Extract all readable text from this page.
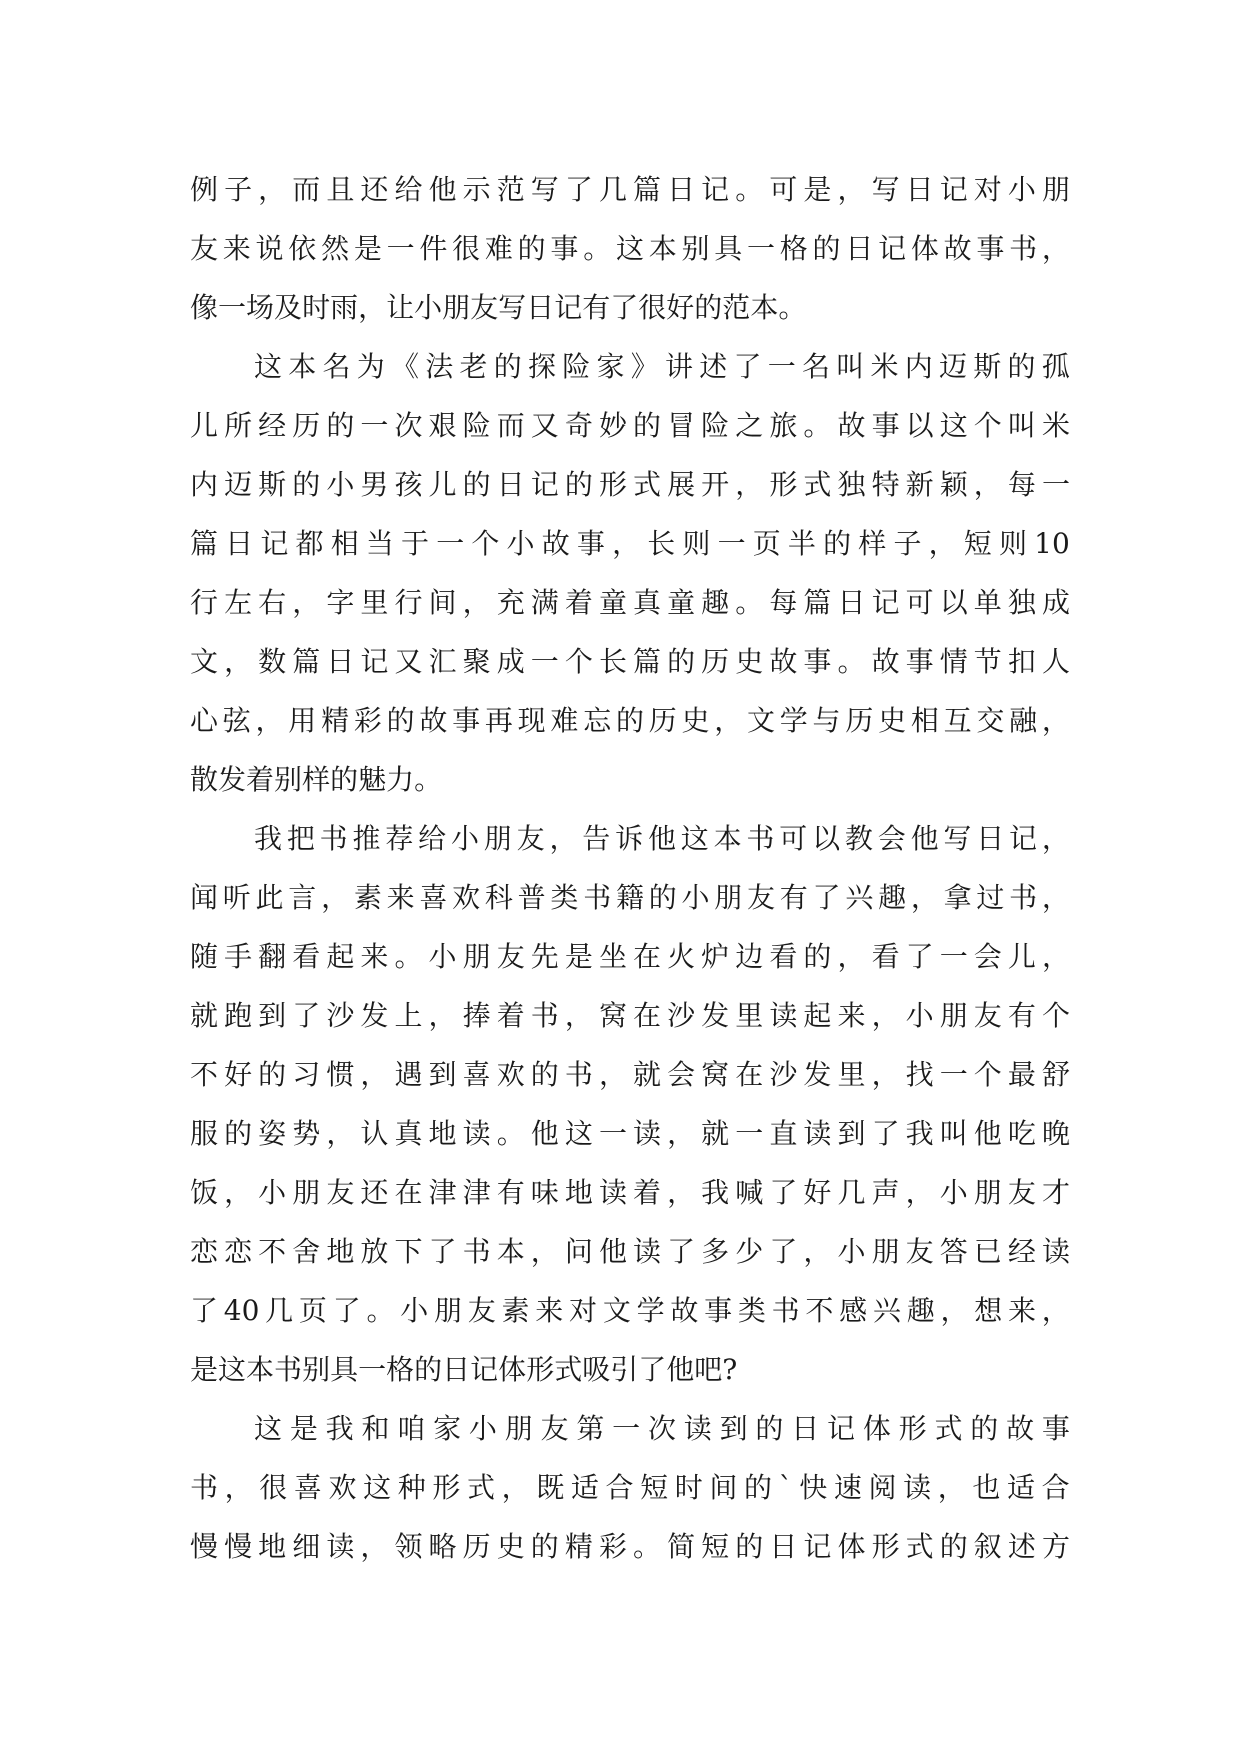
例 子 ， 而 且 还 给 他 示 范 写 了 几 篇 日 记 。 可 是 ， 写 日 记 对 小 朋
友 来 说 依 然 是 一 件 很 难 的 事 。 这 本 别 具 一 格 的 日 记 体 故 事 书 ，
像 一 场 及 时 雨 ， 让 小 朋 友 写 日 记 有 了 很 好 的 范 本 。
这 本 名 为 《 法 老 的 探 险 家 》 讲 述 了 一 名 叫 米 内 迈 斯 的 孤
儿 所 经 历 的 一 次 艰 险 而 又 奇 妙 的 冒 险 之 旅 。 故 事 以 这 个 叫 米
内 迈 斯 的 小 男 孩 儿 的 日 记 的 形 式 展 开 ， 形 式 独 特 新 颖 ， 每 一
篇 日 记 都 相 当 于 一 个 小 故 事 ， 长 则 一 页 半 的 样 子 ， 短 则 10
行 左 右 ， 字 里 行 间 ， 充 满 着 童 真 童 趣 。 每 篇 日 记 可 以 单 独 成
文 ， 数 篇 日 记 又 汇 聚 成 一 个 长 篇 的 历 史 故 事 。 故 事 情 节 扣 人
心 弦 ， 用 精 彩 的 故 事 再 现 难 忘 的 历 史 ， 文 学 与 历 史 相 互 交 融 ，
散 发 着 别 样 的 魅 力 。
我 把 书 推 荐 给 小 朋 友 ， 告 诉 他 这 本 书 可 以 教 会 他 写 日 记 ，
闻 听 此 言 ， 素 来 喜 欢 科 普 类 书 籍 的 小 朋 友 有 了 兴 趣 ， 拿 过 书 ，
随 手 翻 看 起 来 。 小 朋 友 先 是 坐 在 火 炉 边 看 的 ， 看 了 一 会 儿 ，
就 跑 到 了 沙 发 上 ， 捧 着 书 ， 窝 在 沙 发 里 读 起 来 ， 小 朋 友 有 个
不 好 的 习 惯 ， 遇 到 喜 欢 的 书 ， 就 会 窝 在 沙 发 里 ， 找 一 个 最 舒
服 的 姿 势 ， 认 真 地 读 。 他 这 一 读 ， 就 一 直 读 到 了 我 叫 他 吃 晚
饭 ， 小 朋 友 还 在 津 津 有 味 地 读 着 ， 我 喊 了 好 几 声 ， 小 朋 友 才
恋 恋 不 舍 地 放 下 了 书 本 ， 问 他 读 了 多 少 了 ， 小 朋 友 答 已 经 读
了 40 几 页 了 。 小 朋 友 素 来 对 文 学 故 事 类 书 不 感 兴 趣 ， 想 来 ，
是 这 本 书 别 具 一 格 的 日 记 体 形 式 吸 引 了 他 吧 ?
这 是 我 和 咱 家 小 朋 友 第 一 次 读 到 的 日 记 体 形 式 的 故 事
书 ， 很 喜 欢 这 种 形 式 ， 既 适 合 短 时 间 的 ` 快 速 阅 读 ， 也 适 合
慢 慢 地 细 读 ， 领 略 历 史 的 精 彩 。 简 短 的 日 记 体 形 式 的 叙 述 方
